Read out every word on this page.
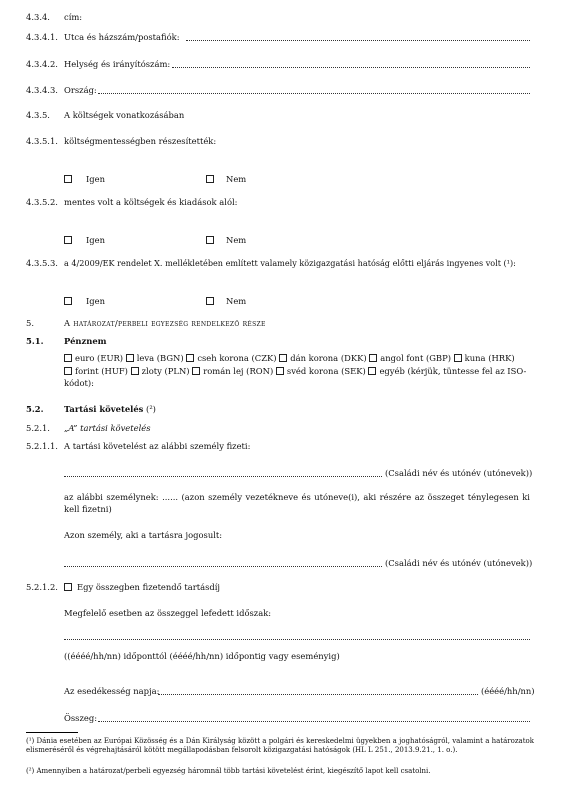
4.3.4. cím:
4.3.4.1. Utca és házszám/postafiók:
4.3.4.2. Helység és irányítószám:
4.3.4.3. Ország:
4.3.5. A költségek vonatkozásában
4.3.5.1. költségmentességben részesítették:
Igen	Nem
4.3.5.2. mentes volt a költségek és kiadások alól:
Igen	Nem
4.3.5.3. a 4/2009/EK rendelet X. mellékletében említett valamely közigazgatási hatóság előtti eljárás ingyenes volt (¹):
Igen	Nem
5.	A határozat/perbeli egyezség rendelkező része
5.1. Pénznem
euro (EUR) leva (BGN) cseh korona (CZK) dán korona (DKK) angol font (GBP) kuna (HRK)
forint (HUF) zloty (PLN) román lej (RON) svéd korona (SEK) egyéb (kérjük, tüntesse fel az ISO-
kódot):
5.2. Tartási követelés (²)
5.2.1. „A” tartási követelés
5.2.1.1. A tartási követelést az alábbi személy fizeti:
(Családi név és utónév (utónevek))
az alábbi személynek: ...... (azon személy vezetékneve és utóneve(i), aki részére az összeget ténylegesen ki kell fizetni)
Azon személy, aki a tartásra jogosult:
(Családi név és utónév (utónevek))
5.2.1.2. Egy összegben fizetendő tartásdíj
Megfelelő esetben az összeggel lefedett időszak:
((éééé/hh/nn) időponttól (éééé/hh/nn) időpontig vagy eseményig)
Az esedékesség napja:	(éééé/hh/nn)
Összeg:
(¹) Dánia esetében az Európai Közösség és a Dán Királyság között a polgári és kereskedelmi ügyekben a joghatóságról, valamint a határozatok elismeréséről és végrehajtásáról kötött megállapodásban felsorolt közigazgatási hatóságok (HL L 251., 2013.9.21., 1. o.).
(²) Amennyiben a határozat/perbeli egyezség háromnál több tartási követelést érint, kiegészítő lapot kell csatolni.
